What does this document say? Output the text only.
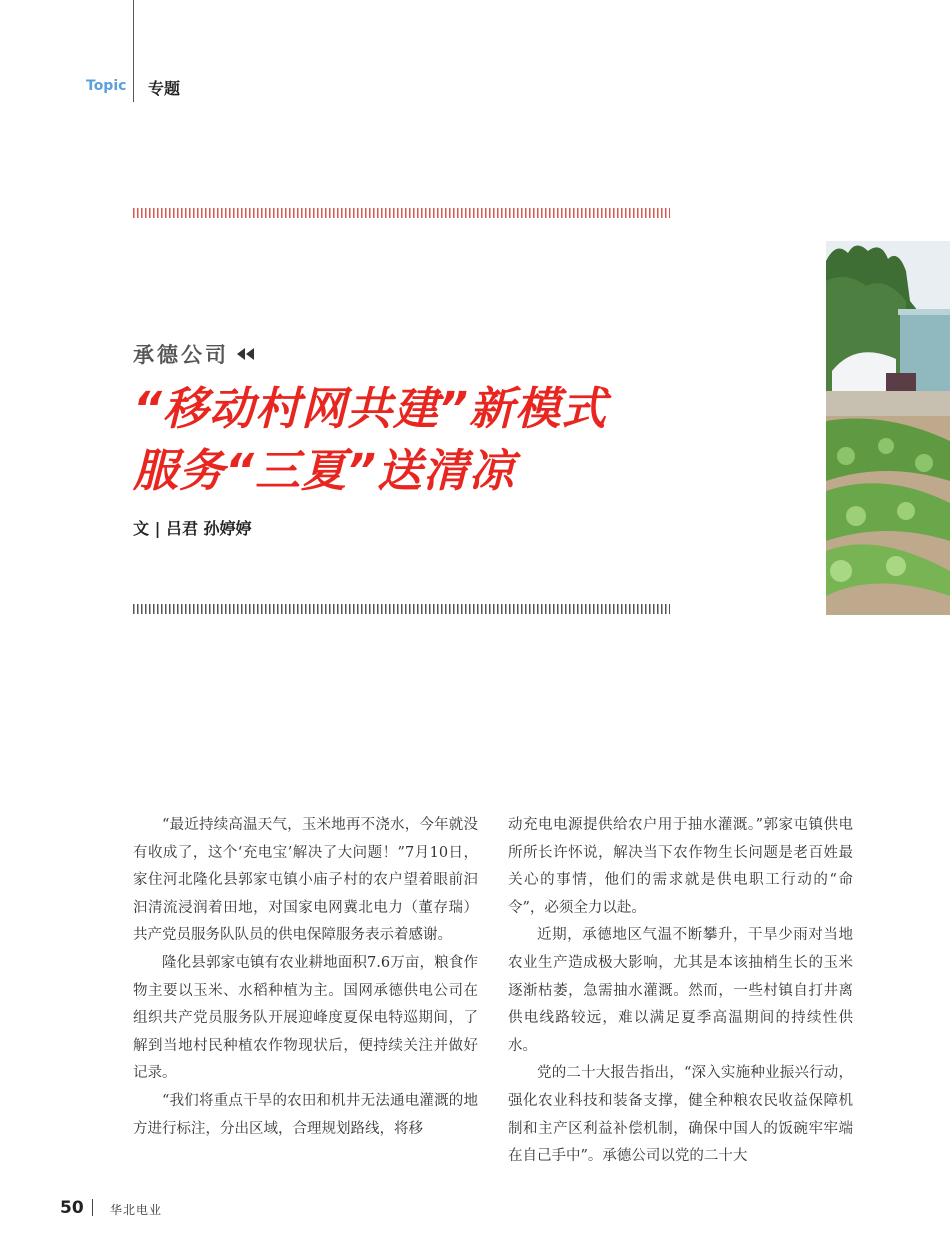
Topic 专题
承德公司
“移动村网共建”新模式
服务“三夏”送清凉
文 | 吕君 孙婷婷

“最近持续高温天气，玉米地再不浇水，今年就没有收成了，这个‘充电宝’解决了大问题！”7月10日，家住河北隆化县郭家屯镇小庙子村的农户望着眼前汩汩清流浸润着田地，对国家电网冀北电力（董存瑞）共产党员服务队队员的供电保障服务表示着感谢。

隆化县郭家屯镇有农业耕地面积7.6万亩，粮食作物主要以玉米、水稻种植为主。国网承德供电公司在组织共产党员服务队开展迎峰度夏保电特巡期间，了解到当地村民种植农作物现状后，便持续关注并做好记录。

“我们将重点干旱的农田和机井无法通电灌溉的地方进行标注，分出区域，合理规划路线，将移

动充电电源提供给农户用于抽水灌溉。”郭家屯镇供电所所长许怀说，解决当下农作物生长问题是老百姓最关心的事情，他们的需求就是供电职工行动的“命令”，必须全力以赴。

近期，承德地区气温不断攀升，干旱少雨对当地农业生产造成极大影响，尤其是本该抽梢生长的玉米逐渐枯萎，急需抽水灌溉。然而，一些村镇自打井离供电线路较远，难以满足夏季高温期间的持续性供水。

党的二十大报告指出，“深入实施种业振兴行动，强化农业科技和装备支撑，健全种粮农民收益保障机制和主产区利益补偿机制，确保中国人的饭碗牢牢端在自己手中”。承德公司以党的二十大

50 华北电业
